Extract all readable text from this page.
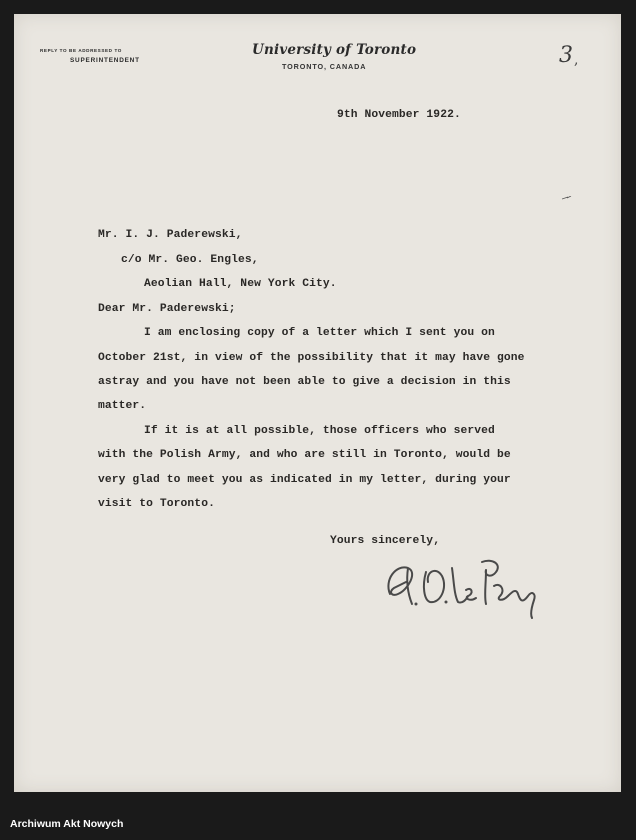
REPLY TO BE ADDRESSED TO
SUPERINTENDENT
University of Toronto
TORONTO, CANADA	3 ,
9th November 1922.
Mr. I. J. Paderewski,
c/o Mr. Geo. Engles,
Aeolian Hall, New York City.
Dear Mr. Paderewski;
I am enclosing copy of a letter which I sent you on
October 21st, in view of the possibility that it may have gone
astray and you have not been able to give a decision in this
matter.
If it is at all possible, those officers who served
with the Polish Army, and who are still in Toronto, would be
very glad to meet you as indicated in my letter, during your
visit to Toronto.
Yours sincerely,
Archiwum Akt Nowych
